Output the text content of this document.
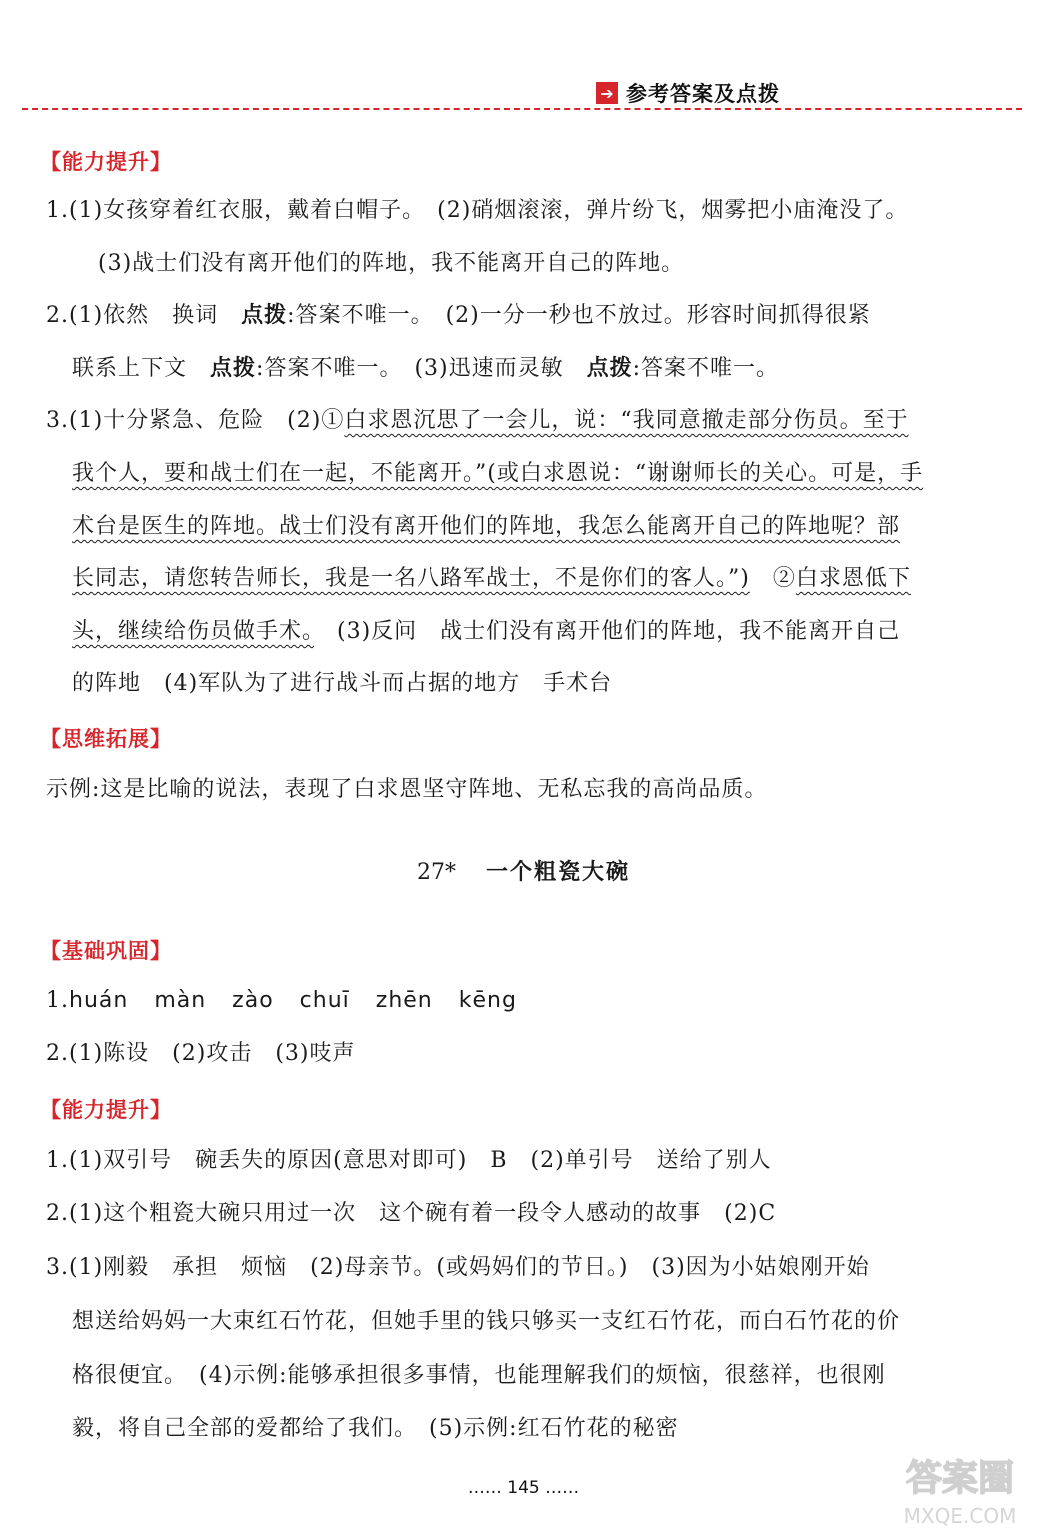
➔ 参考答案及点拨
【能力提升】
1.(1)女孩穿着红衣服，戴着白帽子。　(2)硝烟滚滚，弹片纷飞，烟雾把小庙淹没了。
(3)战士们没有离开他们的阵地，我不能离开自己的阵地。
2.(1)依然　换词　点拨:答案不唯一。　(2)一分一秒也不放过。形容时间抓得很紧
联系上下文　点拨:答案不唯一。　(3)迅速而灵敏　点拨:答案不唯一。
3.(1)十分紧急、危险　(2)①白求恩沉思了一会儿，说：“我同意撤走部分伤员。至于
我个人，要和战士们在一起，不能离开。”(或白求恩说：“谢谢师长的关心。可是，手
术台是医生的阵地。战士们没有离开他们的阵地，我怎么能离开自己的阵地呢？部
长同志，请您转告师长，我是一名八路军战士，不是你们的客人。”)　②白求恩低下
头，继续给伤员做手术。　(3)反问　战士们没有离开他们的阵地，我不能离开自己
的阵地　(4)军队为了进行战斗而占据的地方　手术台
【思维拓展】
示例:这是比喻的说法，表现了白求恩坚守阵地、无私忘我的高尚品质。
27* 一个粗瓷大碗
【基础巩固】
1.huán màn zào chuī zhēn kēng
2.(1)陈设　(2)攻击　(3)吱声
【能力提升】
1.(1)双引号　碗丢失的原因(意思对即可)　B　(2)单引号　送给了别人
2.(1)这个粗瓷大碗只用过一次　这个碗有着一段令人感动的故事　(2)C
3.(1)刚毅　承担　烦恼　(2)母亲节。(或妈妈们的节日。)　(3)因为小姑娘刚开始
想送给妈妈一大束红石竹花，但她手里的钱只够买一支红石竹花，而白石竹花的价
格很便宜。　(4)示例:能够承担很多事情，也能理解我们的烦恼，很慈祥，也很刚
毅，将自己全部的爱都给了我们。　(5)示例:红石竹花的秘密
…… 145 ……	答案圈
MXQE.COM
